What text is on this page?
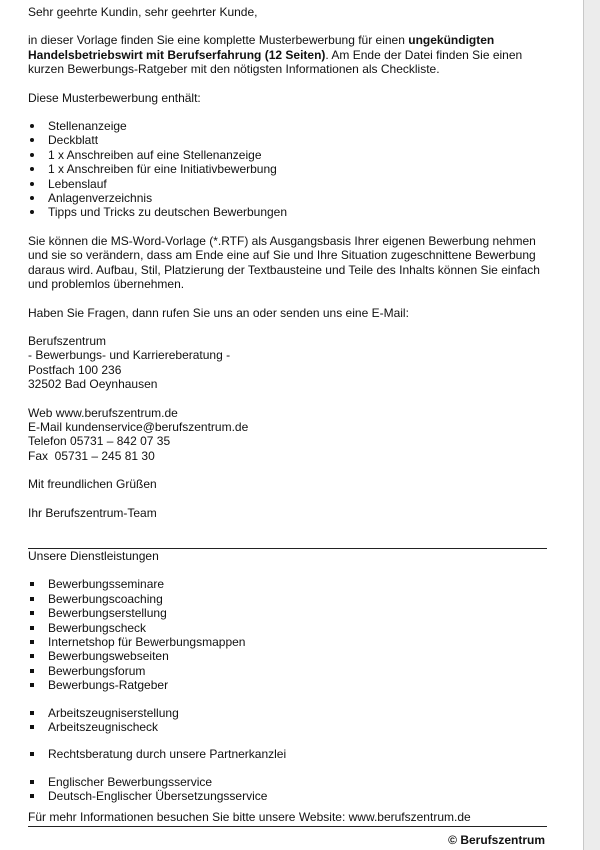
Sehr geehrte Kundin, sehr geehrter Kunde,

in dieser Vorlage finden Sie eine komplette Musterbewerbung für einen ungekündigten Handelsbetriebswirt mit Berufserfahrung (12 Seiten). Am Ende der Datei finden Sie einen kurzen Bewerbungs-Ratgeber mit den nötigsten Informationen als Checkliste.

Diese Musterbewerbung enthält:

Stellenanzeige
Deckblatt
1 x Anschreiben auf eine Stellenanzeige
1 x Anschreiben für eine Initiativbewerbung
Lebenslauf
Anlagenverzeichnis
Tipps und Tricks zu deutschen Bewerbungen

Sie können die MS-Word-Vorlage (*.RTF) als Ausgangsbasis Ihrer eigenen Bewerbung nehmen und sie so verändern, dass am Ende eine auf Sie und Ihre Situation zugeschnittene Bewerbung daraus wird. Aufbau, Stil, Platzierung der Textbausteine und Teile des Inhalts können Sie einfach und problemlos übernehmen.

Haben Sie Fragen, dann rufen Sie uns an oder senden uns eine E-Mail:

Berufszentrum

- Bewerbungs- und Karriereberatung -

Postfach 100 236

32502 Bad Oeynhausen

Web www.berufszentrum.de

E-Mail kundenservice@berufszentrum.de

Telefon 05731 – 842 07 35

Fax  05731 – 245 81 30

Mit freundlichen Grüßen

Ihr Berufszentrum-Team

Unsere Dienstleistungen

Bewerbungsseminare
Bewerbungscoaching
Bewerbungserstellung
Bewerbungscheck
Internetshop für Bewerbungsmappen
Bewerbungswebseiten
Bewerbungsforum
Bewerbungs-Ratgeber
Arbeitszeugniserstellung
Arbeitszeugnischeck
Rechtsberatung durch unsere Partnerkanzlei
Englischer Bewerbungsservice
Deutsch-Englischer Übersetzungsservice

Für mehr Informationen besuchen Sie bitte unsere Website: www.berufszentrum.de

© Berufszentrum
